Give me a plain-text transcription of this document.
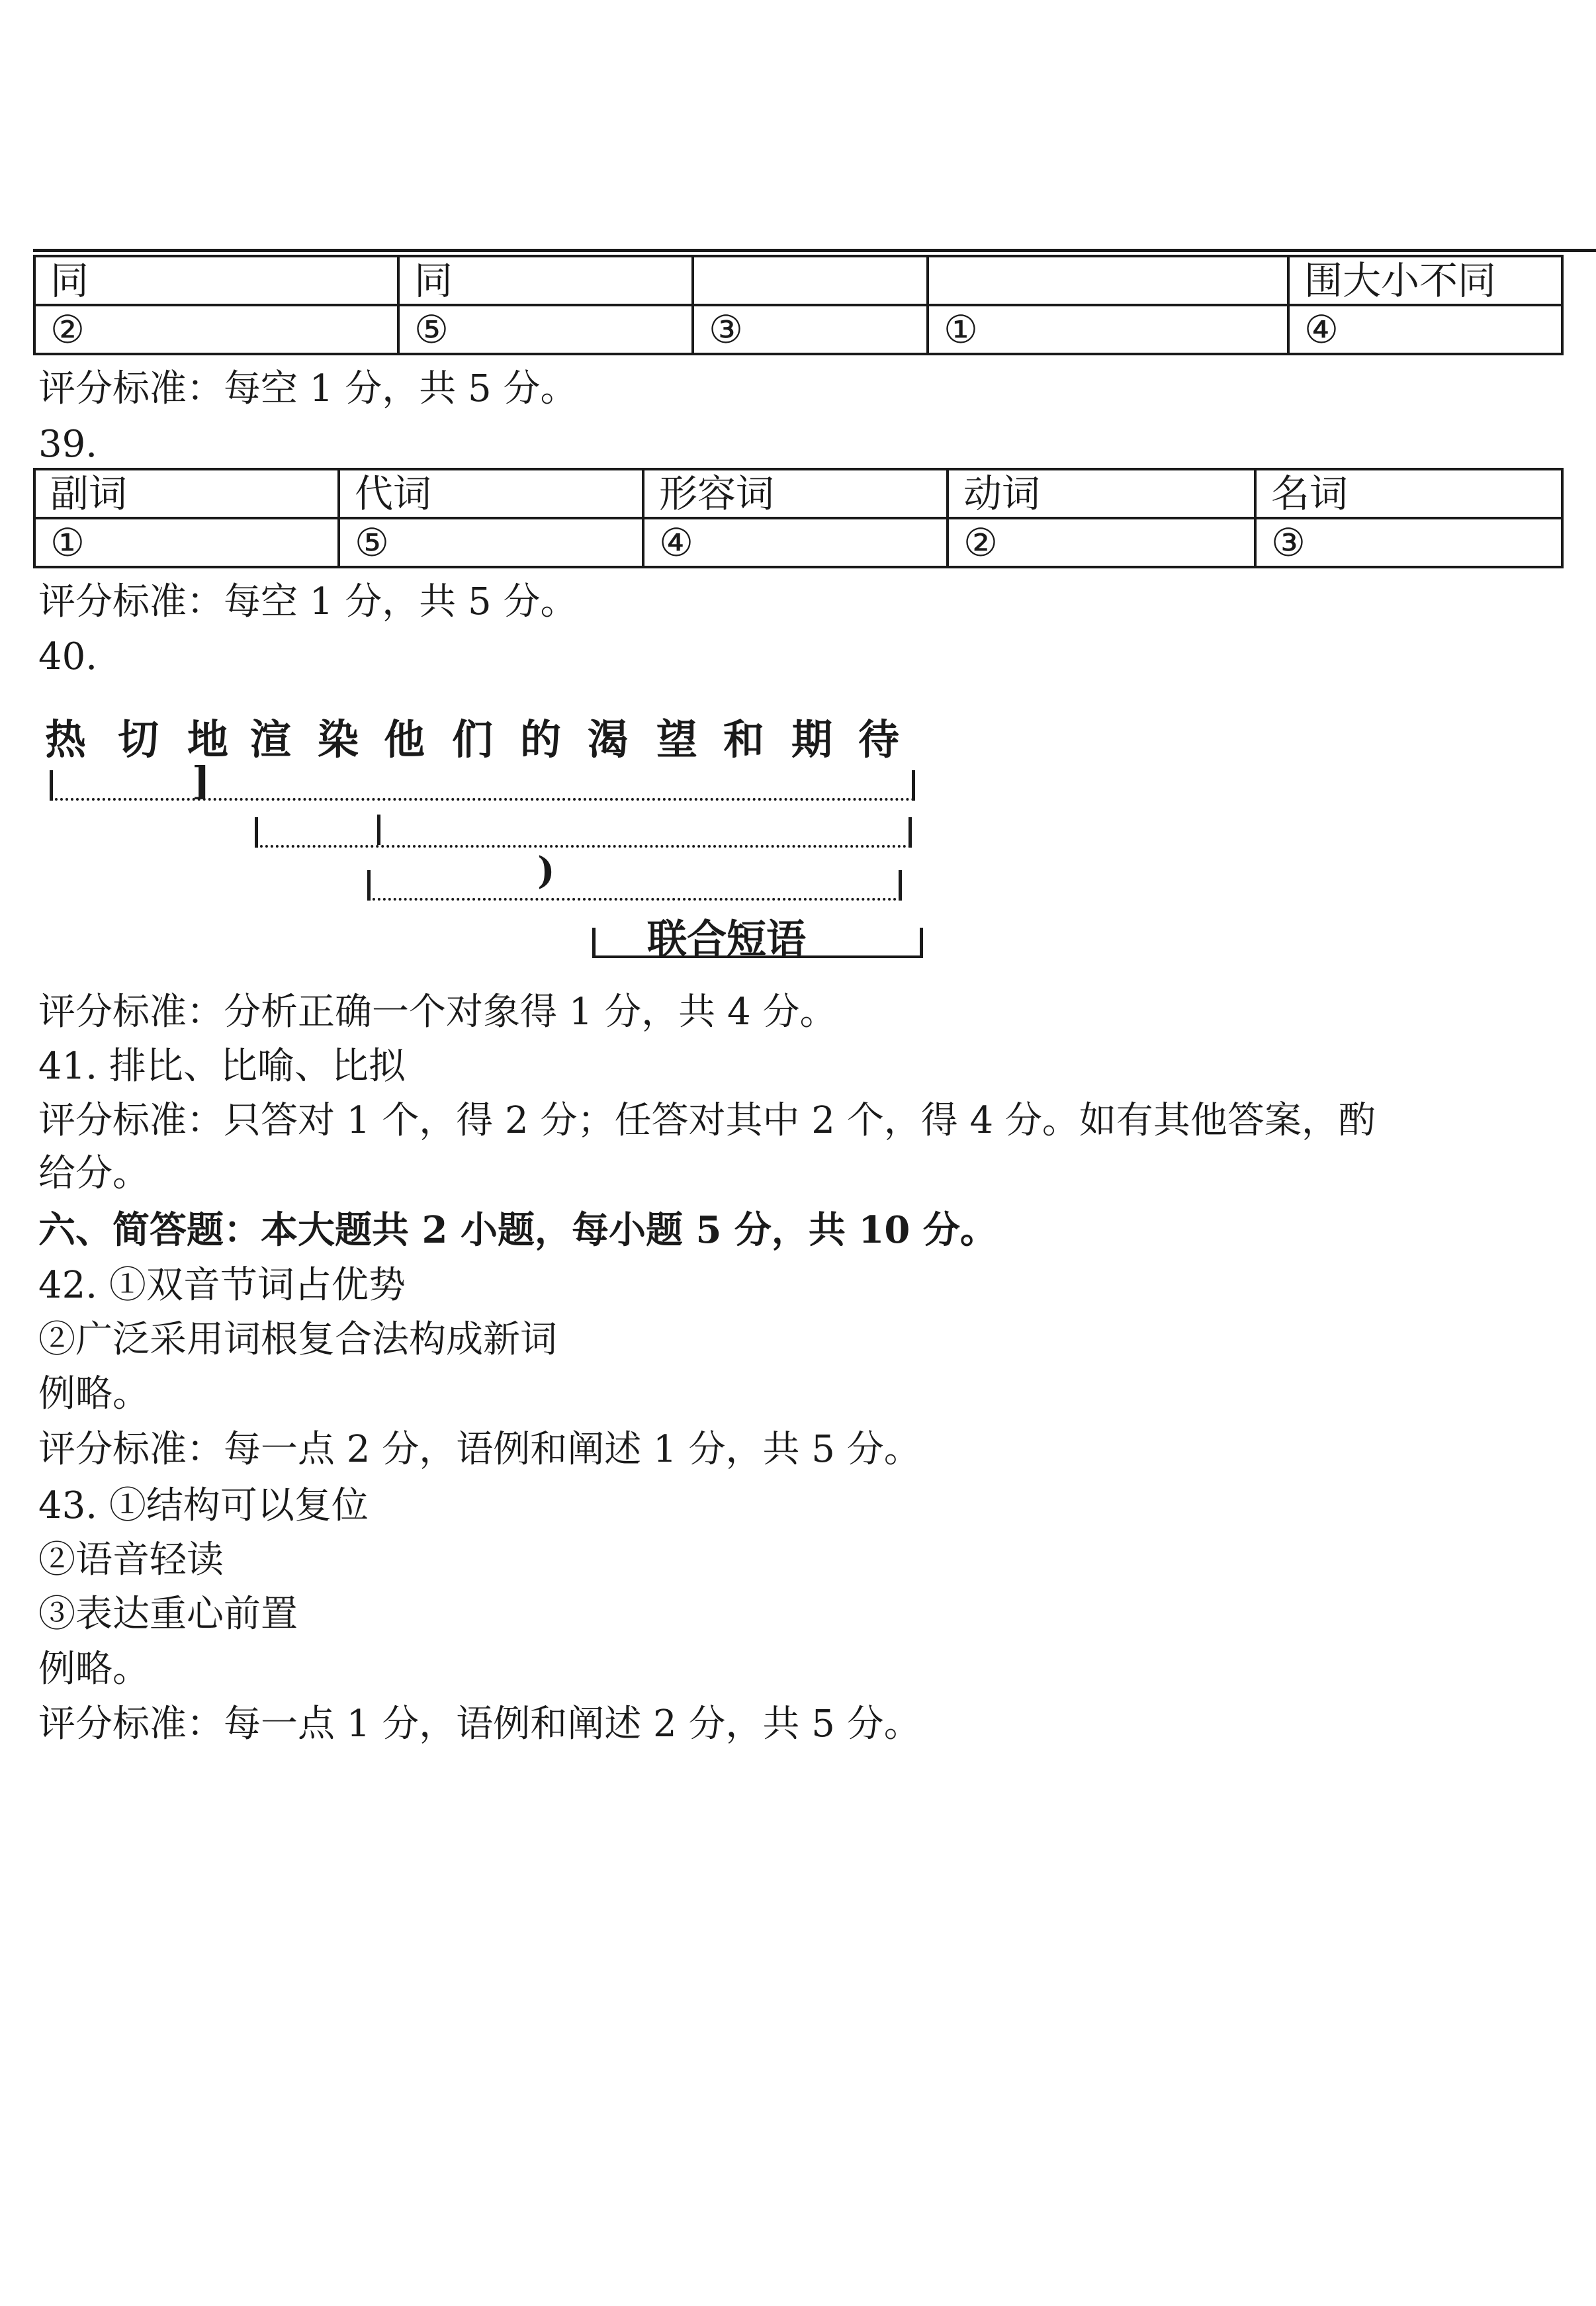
同	同			围大小不同
②	⑤	③	①	④
评分标准：每空 1 分，共 5 分。
39.
副词	代词	形容词	动词	名词
①	⑤	④	②	③
评分标准：每空 1 分，共 5 分。
40.
热 切 地 渲 染 他 们 的 渴 望 和 期 待
]
)
联合短语
评分标准：分析正确一个对象得 1 分，共 4 分。
41. 排比、比喻、比拟
评分标准：只答对 1 个，得 2 分；任答对其中 2 个，得 4 分。如有其他答案，酌
给分。
六、简答题：本大题共 2 小题，每小题 5 分，共 10 分。
42. ①双音节词占优势
②广泛采用词根复合法构成新词
例略。
评分标准：每一点 2 分，语例和阐述 1 分，共 5 分。
43. ①结构可以复位
②语音轻读
③表达重心前置
例略。
评分标准：每一点 1 分，语例和阐述 2 分，共 5 分。
